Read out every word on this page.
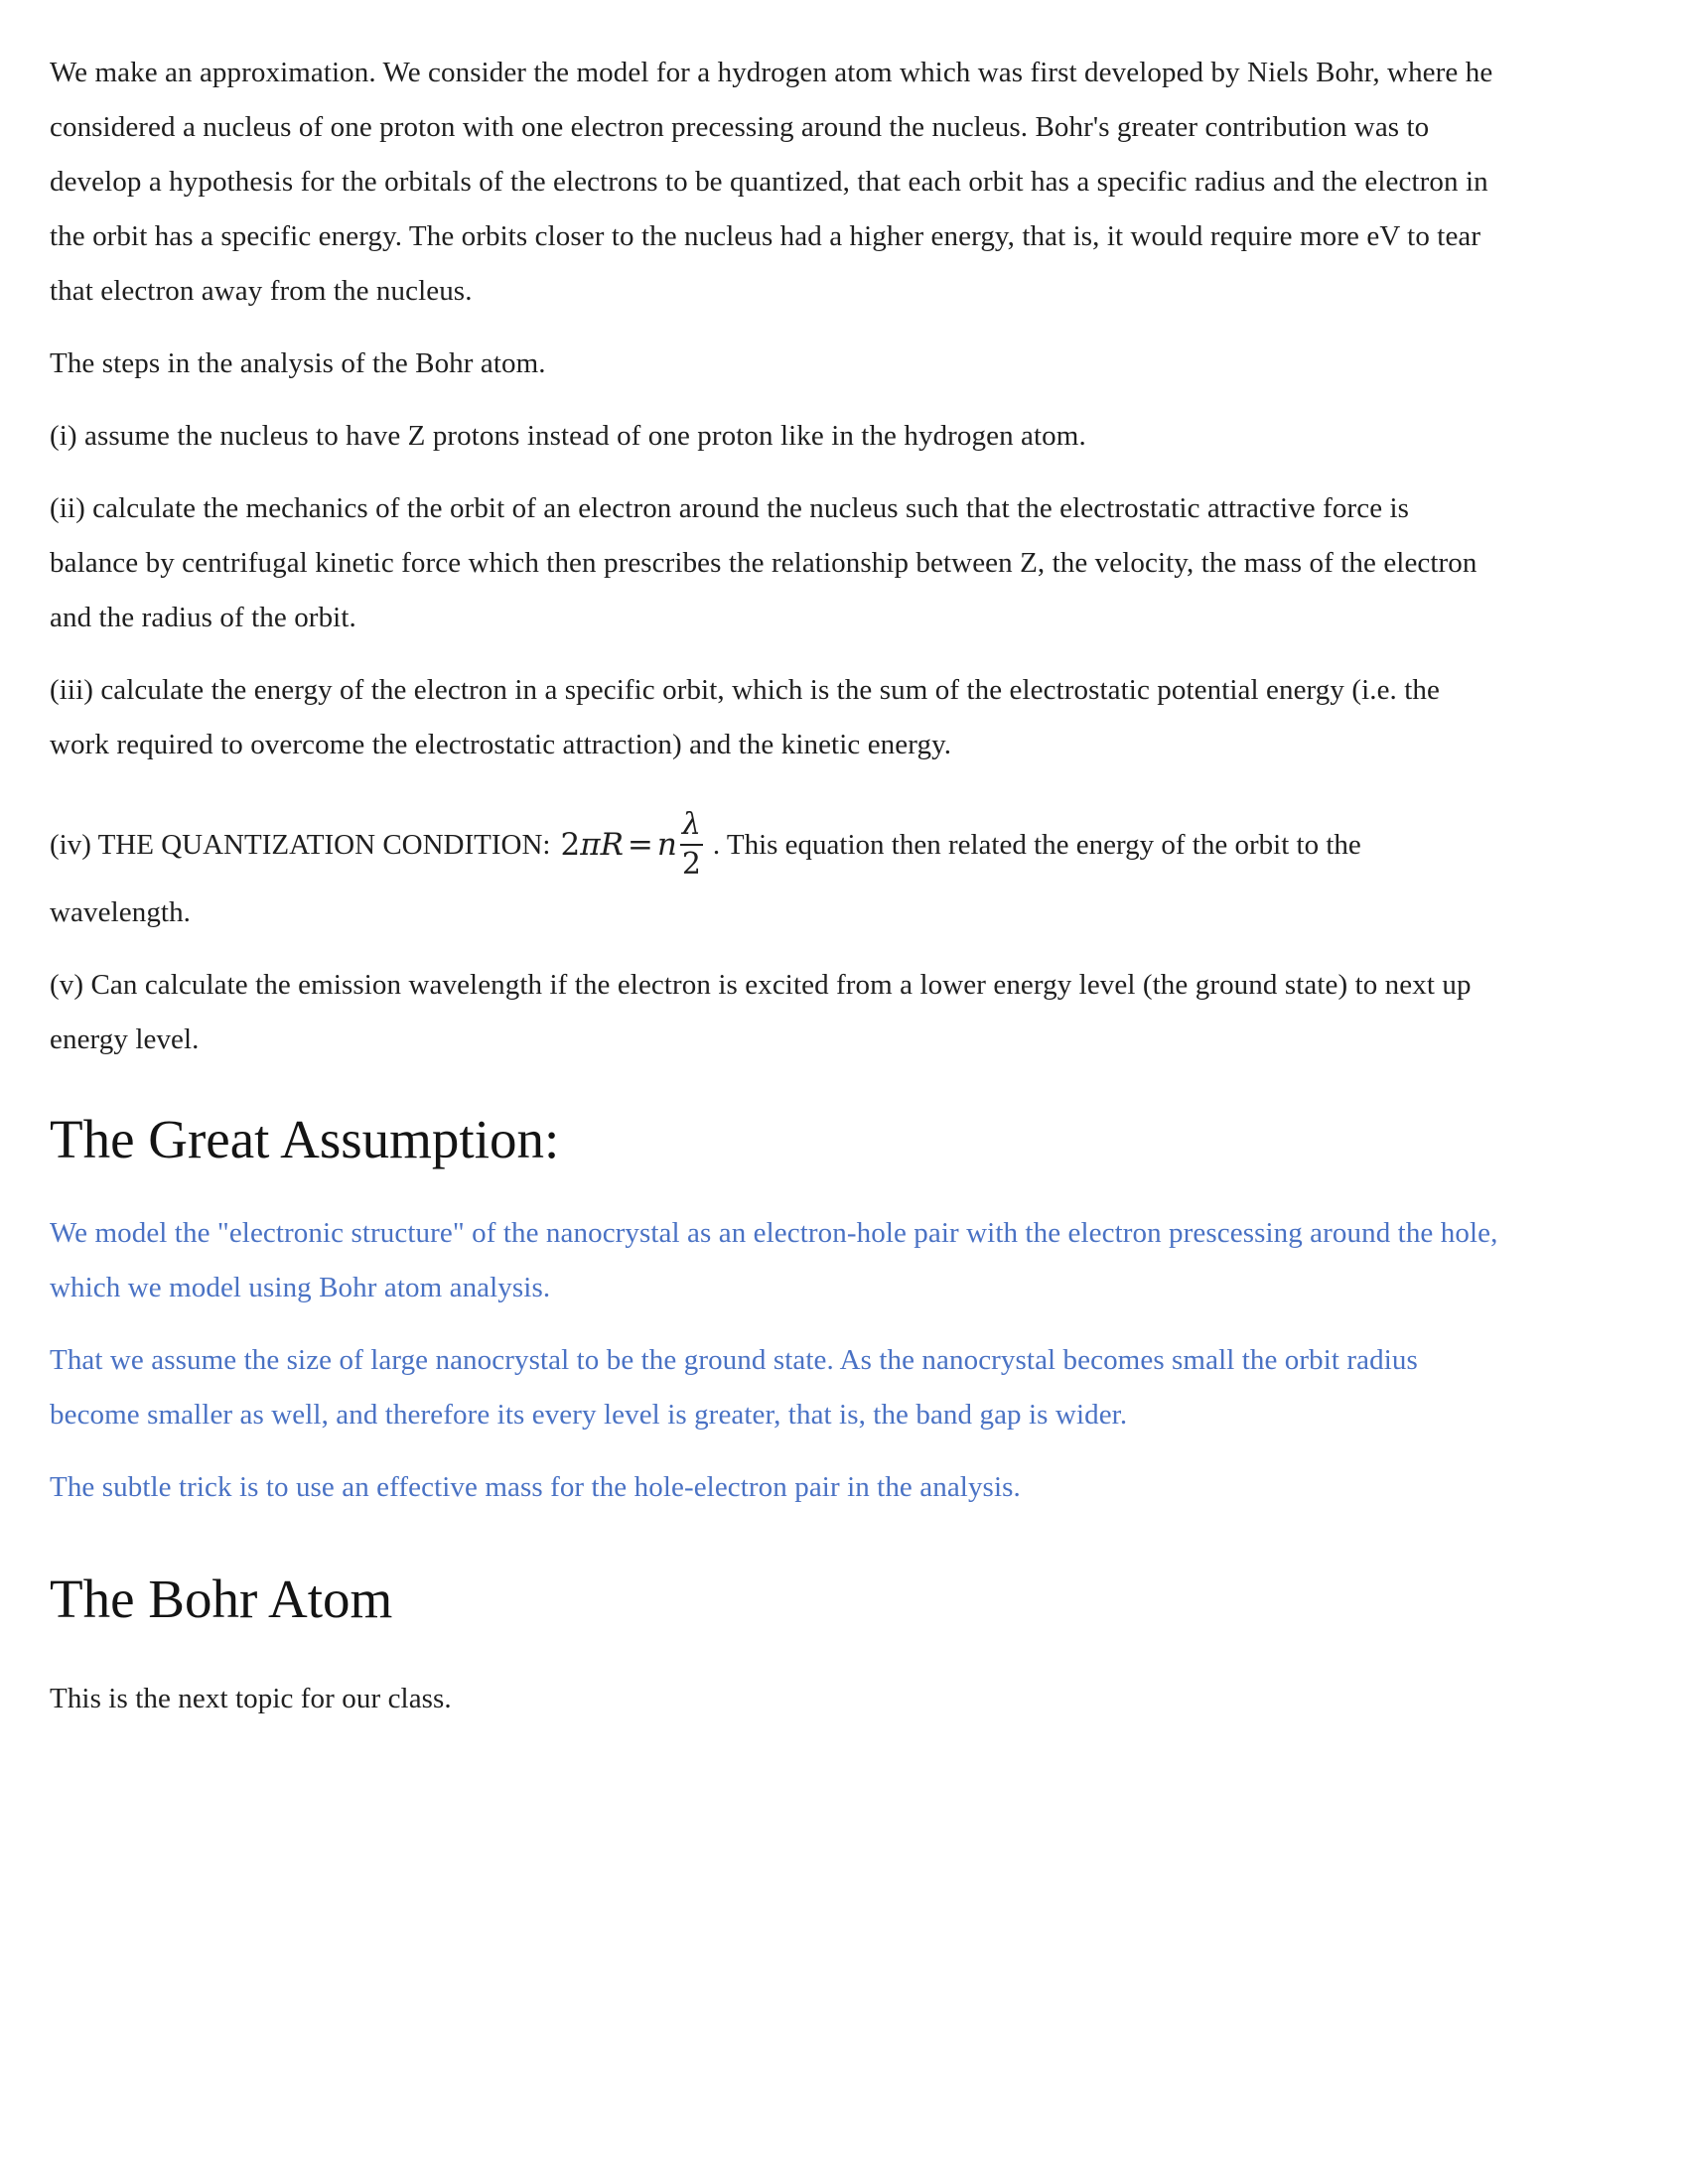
We make an approximation. We consider the model for a hydrogen atom which was first developed by Niels Bohr, where he considered a nucleus of one proton with one electron precessing around the nucleus. Bohr's greater contribution was to develop a hypothesis for the orbitals of the electrons to be quantized, that each orbit has a specific radius and the electron in the orbit has a specific energy. The orbits closer to the nucleus had a higher energy, that is, it would require more eV to tear that electron away from the nucleus.

The steps in the analysis of the Bohr atom.

(i) assume the nucleus to have Z protons instead of one proton like in the hydrogen atom.

(ii) calculate the mechanics of the orbit of an electron around the nucleus such that the electrostatic attractive force is balance by centrifugal kinetic force which then prescribes the relationship between Z, the velocity, the mass of the electron and the radius of the orbit.

(iii) calculate the energy of the electron in a specific orbit, which is the sum of the electrostatic potential energy (i.e. the work required to overcome the electrostatic attraction) and the kinetic energy.

(iv) THE QUANTIZATION CONDITION: 2 π R = n $\frac{\lambda}{2}$ . This equation then related the energy of the orbit to the

wavelength.

(v) Can calculate the emission wavelength if the electron is excited from a lower energy level (the ground state) to next up energy level.

The Great Assumption:

We model the "electronic structure" of the nanocrystal as an electron-hole pair with the electron prescessing around the hole, which we model using Bohr atom analysis.

That we assume the size of large nanocrystal to be the ground state. As the nanocrystal becomes small the orbit radius become smaller as well, and therefore its every level is greater, that is, the band gap is wider.

The subtle trick is to use an effective mass for the hole-electron pair in the analysis.

The Bohr Atom

This is the next topic for our class.
